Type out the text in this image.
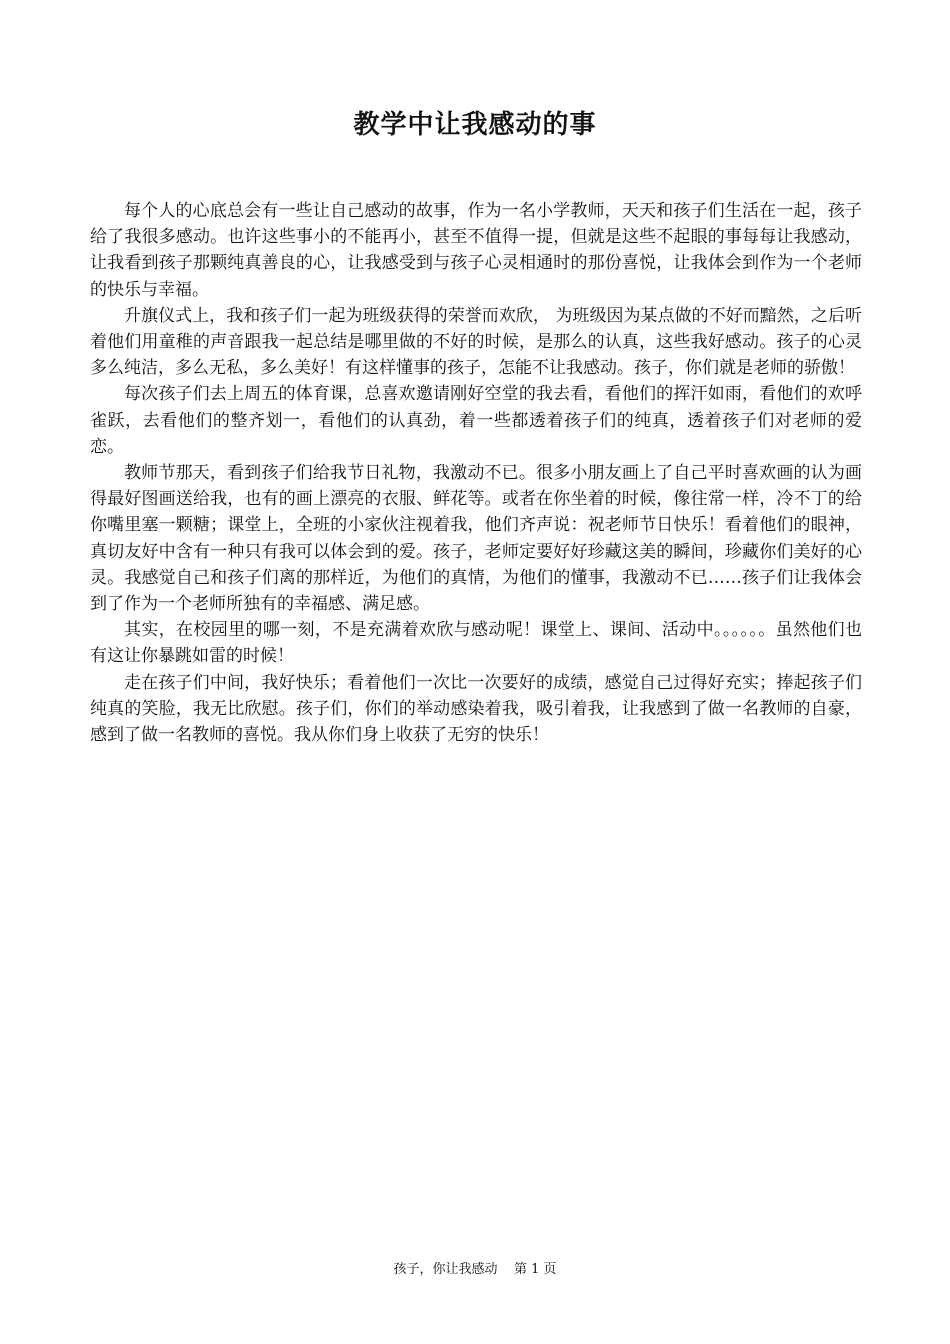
教学中让我感动的事

每个人的心底总会有一些让自己感动的故事，作为一名小学教师，天天和孩子们生活在一起，孩子给了我很多感动。也许这些事小的不能再小，甚至不值得一提，但就是这些不起眼的事每每让我感动，让我看到孩子那颗纯真善良的心，让我感受到与孩子心灵相通时的那份喜悦，让我体会到作为一个老师的快乐与幸福。

升旗仪式上，我和孩子们一起为班级获得的荣誉而欢欣， 为班级因为某点做的不好而黯然，之后听着他们用童稚的声音跟我一起总结是哪里做的不好的时候，是那么的认真，这些我好感动。孩子的心灵多么纯洁，多么无私，多么美好！有这样懂事的孩子，怎能不让我感动。孩子，你们就是老师的骄傲！

每次孩子们去上周五的体育课，总喜欢邀请刚好空堂的我去看，看他们的挥汗如雨，看他们的欢呼雀跃，去看他们的整齐划一，看他们的认真劲，着一些都透着孩子们的纯真，透着孩子们对老师的爱恋。

教师节那天，看到孩子们给我节日礼物，我激动不已。很多小朋友画上了自己平时喜欢画的认为画得最好图画送给我，也有的画上漂亮的衣服、鲜花等。或者在你坐着的时候，像往常一样，冷不丁的给你嘴里塞一颗糖；课堂上，全班的小家伙注视着我，他们齐声说：祝老师节日快乐！看着他们的眼神，真切友好中含有一种只有我可以体会到的爱。孩子，老师定要好好珍藏这美的瞬间，珍藏你们美好的心灵。我感觉自己和孩子们离的那样近，为他们的真情，为他们的懂事，我激动不已……孩子们让我体会到了作为一个老师所独有的幸福感、满足感。

其实，在校园里的哪一刻，不是充满着欢欣与感动呢！课堂上、课间、活动中。。。。。。虽然他们也有这让你暴跳如雷的时候！

走在孩子们中间，我好快乐；看着他们一次比一次要好的成绩，感觉自己过得好充实；捧起孩子们纯真的笑脸，我无比欣慰。孩子们，你们的举动感染着我，吸引着我，让我感到了做一名教师的自豪，感到了做一名教师的喜悦。我从你们身上收获了无穷的快乐！

孩子，你让我感动    第 1 页
